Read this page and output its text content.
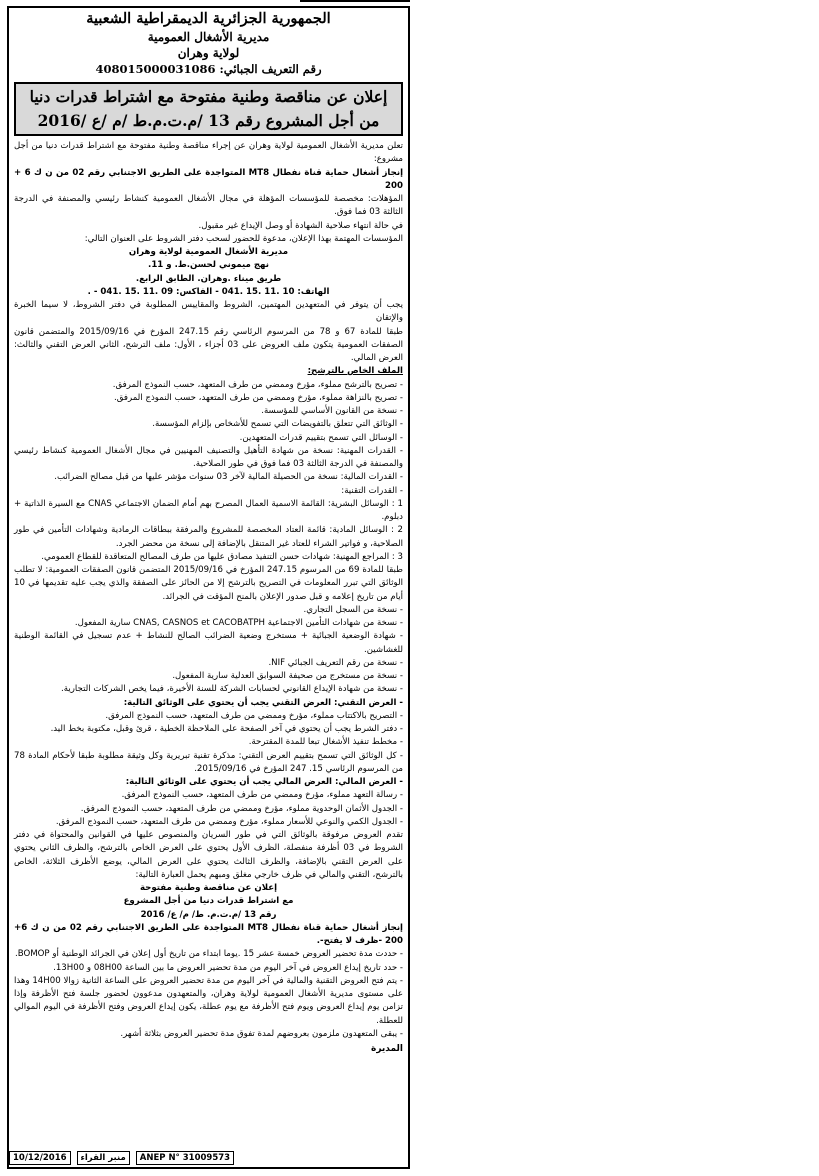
الجمهورية الجزائرية الديمقراطية الشعبية
مديرية الأشغال العمومية
لولاية وهران
رقم التعريف الجبائي: 408015000031086
إعلان عن مناقصة وطنية مفتوحة مع اشتراط قدرات دنيا
من أجل المشروع رقم 13 /م.ت.م.ط /م /ع /2016

تعلن مديرية الأشغال العمومية لولاية وهران عن إجراء مناقصة وطنية مفتوحة مع اشتراط قدرات دنيا من أجل مشروع:

إنجاز أشغال حماية قناة نفطال MT8 المتواجدة على الطريق الاجتنابي رقم 02 من ن ك 6 + 200

المؤهلات: مخصصة للمؤسسات المؤهلة في مجال الأشغال العمومية كنشاط رئيسي والمصنفة في الدرجة الثالثة 03 فما فوق.

في حالة انتهاء صلاحية الشهادة أو وصل الإيداع غير مقبول.

المؤسسات المهتمة بهذا الإعلان، مدعوة للحضور لسحب دفتر الشروط على العنوان التالي:

مديرية الأشغال العمومية لولاية وهران

نهج ميموني لحسن.ط. و 11.

طريق ميناء .وهران. الطابق الرابع.

الهاتف: 10 .11 .15 .041 - الفاكس: 09 .11 .15 .041 - .

يجب أن يتوفر في المتعهدين المهتمين، الشروط والمقاييس المطلوبة في دفتر الشروط، لا سيما الخبرة والإتقان

طبقا للمادة 67 و 78 من المرسوم الرئاسي رقم 247.15 المؤرخ في 2015/09/16 والمتضمن قانون الصفقات العمومية يتكون ملف العروض على 03 أجزاء ، الأول: ملف الترشح، الثاني العرض التقني والثالث: العرض المالي.

الملف الخاص بالترشح:

- تصريح بالترشح مملوء، مؤرخ وممضي من طرف المتعهد، حسب النموذج المرفق.

- تصريح بالنزاهة مملوء، مؤرخ وممضي من طرف المتعهد، حسب النموذج المرفق.

- نسخة من القانون الأساسي للمؤسسة.

- الوثائق التي تتعلق بالتفويضات التي تسمح للأشخاص بإلزام المؤسسة.

- الوسائل التي تسمح بتقييم قدرات المتعهدين.

- القدرات المهنية: نسخة من شهادة التأهيل والتصنيف المهنيين في مجال الأشغال العمومية كنشاط رئيسي والمصنفة في الدرجة الثالثة 03 فما فوق في طور الصلاحية.

- القدرات المالية: نسخة من الحصيلة المالية لآخر 03 سنوات مؤشر عليها من قبل مصالح الضرائب.

- القدرات التقنية:

1 : الوسائل البشرية: القائمة الاسمية العمال المصرح بهم أمام الضمان الاجتماعي CNAS مع السيرة الذاتية + دبلوم.

2 : الوسائل المادية: قائمة العتاد المخصصة للمشروع والمرفقة ببطاقات الرمادية وشهادات التأمين في طور الصلاحية، و فواتير الشراء للعتاد غير المتنقل بالإضافة إلى نسخة من محضر الجرد.

3 : المراجع المهنية: شهادات حسن التنفيذ مصادق عليها من طرف المصالح المتعاقدة للقطاع العمومي.

طبقا للمادة 69 من المرسوم 247.15 المؤرخ في 2015/09/16 المتضمن قانون الصفقات العمومية: لا تطلب الوثائق التي تبرر المعلومات في التصريح بالترشح إلا من الحائز على الصفقة والذي يجب عليه تقديمها في 10 أيام من تاريخ إعلامه و قبل صدور الإعلان بالمنح المؤقت في الجرائد.

- نسخة من السجل التجاري.

- نسخة من شهادات التأمين الاجتماعية CNAS, CASNOS et CACOBATPH سارية المفعول.

- شهادة الوضعية الجبائية + مستخرج وضعية الضرائب الصالح للنشاط + عدم تسجيل في القائمة الوطنية للغشاشين.

- نسخة من رقم التعريف الجبائي NIF.

- نسخة من مستخرج من صحيفة السوابق العدلية سارية المفعول.

- نسخة من شهادة الإيداع القانوني لحسابات الشركة للسنة الأخيرة، فيما يخص الشركات التجارية.

- العرض التقني: العرض التقني يجب أن يحتوي على الوثائق التالية:

- التصريح بالاكتتاب مملوء، مؤرخ وممضي من طرف المتعهد، حسب النموذج المرفق.

- دفتر الشرط يجب أن يحتوي في آخر الصفحة على الملاحظة الخطية ، قرئ وقبل، مكتوبة بخط اليد.

- مخطط تنفيذ الأشغال تبعا للمدة المقترحة.

- كل الوثائق التي تسمح بتقييم العرض التقني: مذكرة تقنية تبريرية وكل وثيقة مطلوبة طبقا لأحكام المادة 78 من المرسوم الرئاسي 15. 247 المؤرخ في 2015/09/16.

- العرض المالي: العرض المالي يجب أن يحتوي على الوثائق التالية:

- رسالة التعهد مملوء، مؤرخ وممضي من طرف المتعهد، حسب النموذج المرفق.

- الجدول الأثمان الوحدوية مملوء، مؤرخ وممضي من طرف المتعهد، حسب النموذج المرفق.

- الجدول الكمي والنوعي للأسعار مملوء، مؤرخ وممضي من طرف المتعهد، حسب النموذج المرفق.

تقدم العروض مرفوقة بالوثائق التي في طور السريان والمنصوص عليها في القوانين والمحتواة في دفتر الشروط في 03 أظرفة منفصلة، الظرف الأول يحتوي على العرض الخاص بالترشح، والظرف الثاني يحتوي على العرض التقني بالإضافة، والظرف الثالث يحتوي على العرض المالي، يوضع الأظرف الثلاثة، الخاص بالترشح، التقني والمالي في ظرف خارجي مغلق ومبهم يحمل العبارة التالية:

إعلان عن مناقصة وطنية مفتوحة

مع اشتراط قدرات دنيا من أجل المشروع

رقم 13 /م.ت.م. ط/ م/ ع/ 2016

إنجاز أشغال حماية قناة نفطال MT8 المتواجدة على الطريق الاجتنابي رقم 02 من ن ك 6+ 200 -ظرف لا يفتح-.

- حددت مدة تحضير العروض خمسة عشر 15 .يوما ابتداء من تاريخ أول إعلان في الجرائد الوطنية أو BOMOP.

- حدد تاريخ إيداع العروض في آخر اليوم من مدة تحضير العروض ما بين الساعة 08H00 و 13H00.

- يتم فتح العروض التقنية والمالية في آخر اليوم من مدة تحضير العروض على الساعة الثانية زوالا 14H00 وهذا على مستوى مديرية الأشغال العمومية لولاية وهران، والمتعهدون مدعوون لحضور جلسة فتح الأظرفة وإذا تزامن يوم إيداع العروض ويوم فتح الأظرفة مع يوم عطلة، يكون إيداع العروض وفتح الأظرفة في اليوم الموالي للعطلة.

- يبقى المتعهدون ملزمون بعروضهم لمدة تفوق مدة تحضير العروض بثلاثة أشهر.

المديرة
10/12/2016	منبر القراء	ANEP N° 31009573
